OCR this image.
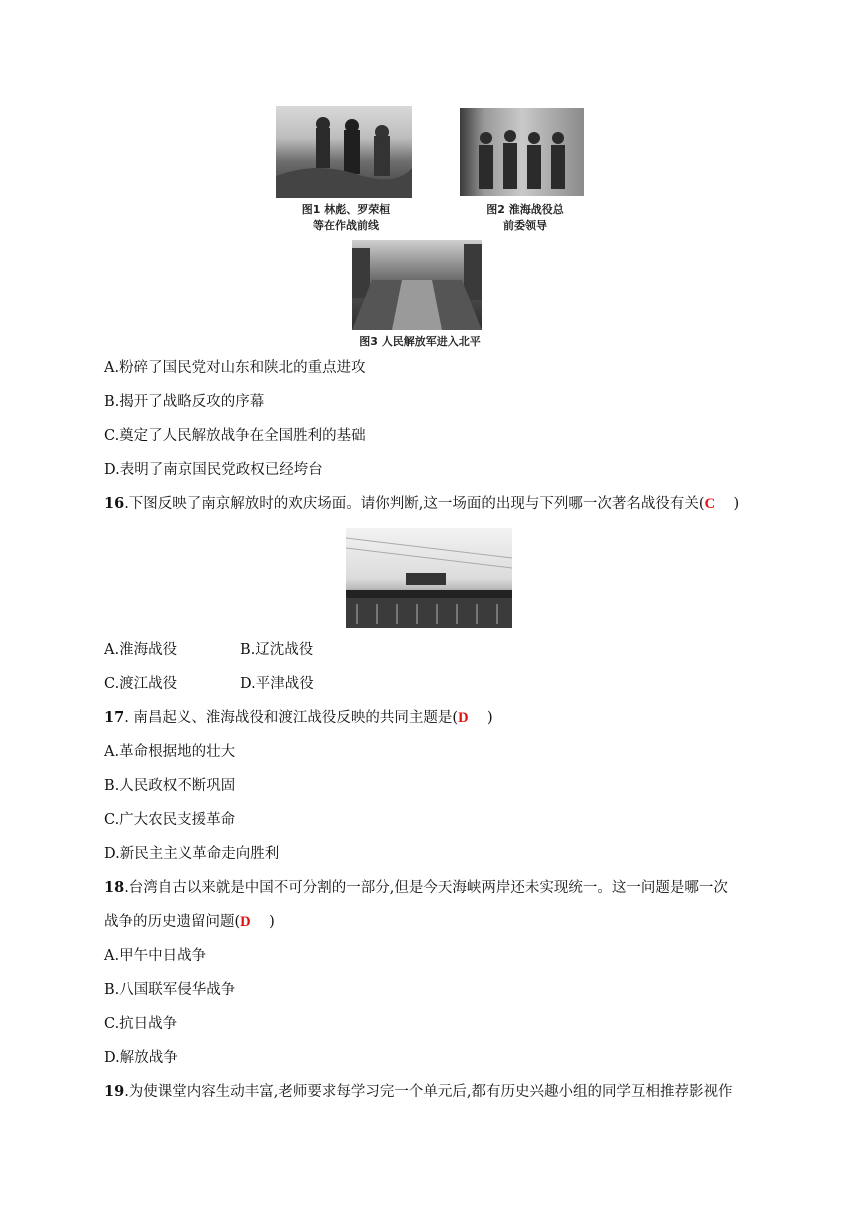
图1 林彪、罗荣桓
等在作战前线
图2 淮海战役总
前委领导
图3 人民解放军进入北平
A.粉碎了国民党对山东和陕北的重点进攻
B.揭开了战略反攻的序幕
C.奠定了人民解放战争在全国胜利的基础
D.表明了南京国民党政权已经垮台
16.下图反映了南京解放时的欢庆场面。请你判断,这一场面的出现与下列哪一次著名战役有关(C    )
A.淮海战役	B.辽沈战役
C.渡江战役	D.平津战役
17. 南昌起义、淮海战役和渡江战役反映的共同主题是(D    )
A.革命根据地的壮大
B.人民政权不断巩固
C.广大农民支援革命
D.新民主主义革命走向胜利
18.台湾自古以来就是中国不可分割的一部分,但是今天海峡两岸还未实现统一。这一问题是哪一次
战争的历史遗留问题(D    )
A.甲午中日战争
B.八国联军侵华战争
C.抗日战争
D.解放战争
19.为使课堂内容生动丰富,老师要求每学习完一个单元后,都有历史兴趣小组的同学互相推荐影视作
